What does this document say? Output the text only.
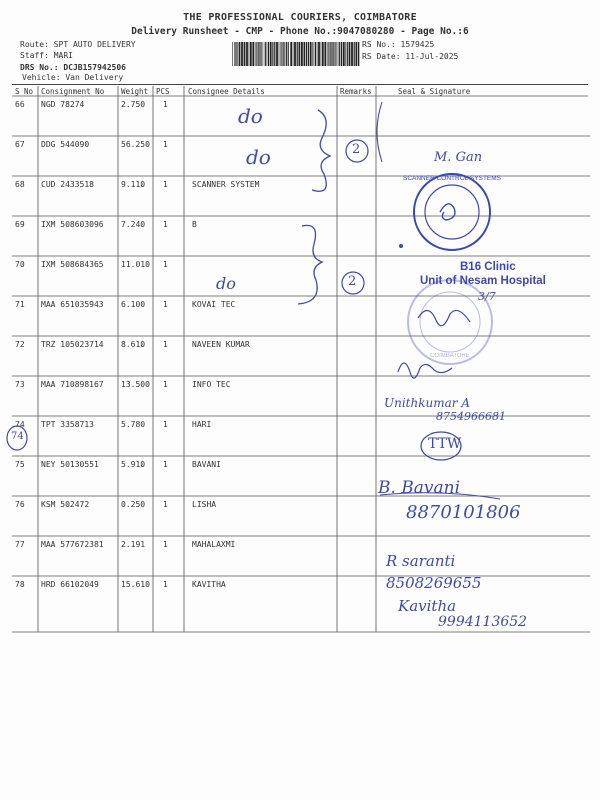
THE PROFESSIONAL COURIERS, COIMBATORE
Delivery Runsheet - CMP - Phone No.:9047080280 - Page No.:6
Route: SPT AUTO DELIVERY
Staff: MARI
DRS No.: DCJB157942506
Vehicle: Van Delivery
RS No.: 1579425
RS Date: 11-Jul-2025
S No Consignment No Weight PCS Consignee Details	Remarks	Seal & Signature
66 NGD 78274	2.750 1
67 DDG 544090	56.250 1
68 CUD 2433518	9.110 1	SCANNER SYSTEM
69 IXM 508603096 7.240 1	B
70 IXM 508684365 11.010 1
71 MAA 651035943 6.100 1	KOVAI TEC
72 TRZ 105023714 8.610 1	NAVEEN KUMAR
73 MAA 710898167 13.500 1	INFO TEC
74 TPT 3358713	5.780 1	HARI
75 NEY 50130551	5.910 1	BAVANI
76 KSM 502472	0.250 1	LISHA
77 MAA 577672381 2.191 1	MAHALAXMI
78 HRD 66102049	15.610 1	KAVITHA
SCANNER CONTROL SYSTEMS
COIMBATORE
do
do
do
2
2
74
M. Gan
3/7
Unithkumar A
8754966681
TTW
B. Bavani
8870101806
R saranti
8508269655
Kavitha
9994113652
B16 Clinic
Unit of Nesam Hospital
